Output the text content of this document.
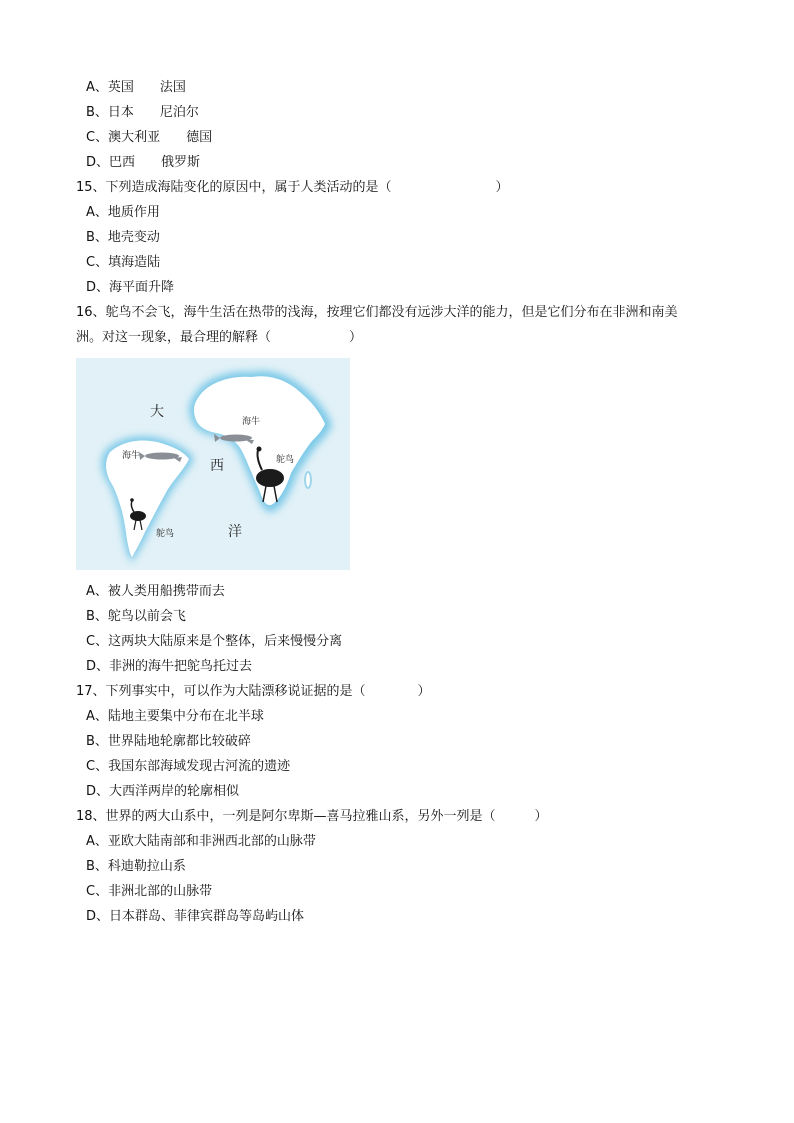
A、英国　　法国
B、日本　　尼泊尔
C、澳大利亚　　德国
D、巴西　　俄罗斯
15、下列造成海陆变化的原因中，属于人类活动的是（　　　　　　　　）
A、地质作用
B、地壳变动
C、填海造陆
D、海平面升降
16、鸵鸟不会飞，海牛生活在热带的浅海，按理它们都没有远涉大洋的能力，但是它们分布在非洲和南美
洲。对这一现象，最合理的解释（　　　　　　）
海牛
海牛	鸵鸟
鸵鸟
大
西
洋
A、被人类用船携带而去
B、鸵鸟以前会飞
C、这两块大陆原来是个整体，后来慢慢分离
D、非洲的海牛把鸵鸟托过去
17、下列事实中，可以作为大陆漂移说证据的是（　　　　）
A、陆地主要集中分布在北半球
B、世界陆地轮廓都比较破碎
C、我国东部海域发现古河流的遗迹
D、大西洋两岸的轮廓相似
18、世界的两大山系中，一列是阿尔卑斯—喜马拉雅山系，另外一列是（　　　）
A、亚欧大陆南部和非洲西北部的山脉带
B、科迪勒拉山系
C、非洲北部的山脉带
D、日本群岛、菲律宾群岛等岛屿山体
